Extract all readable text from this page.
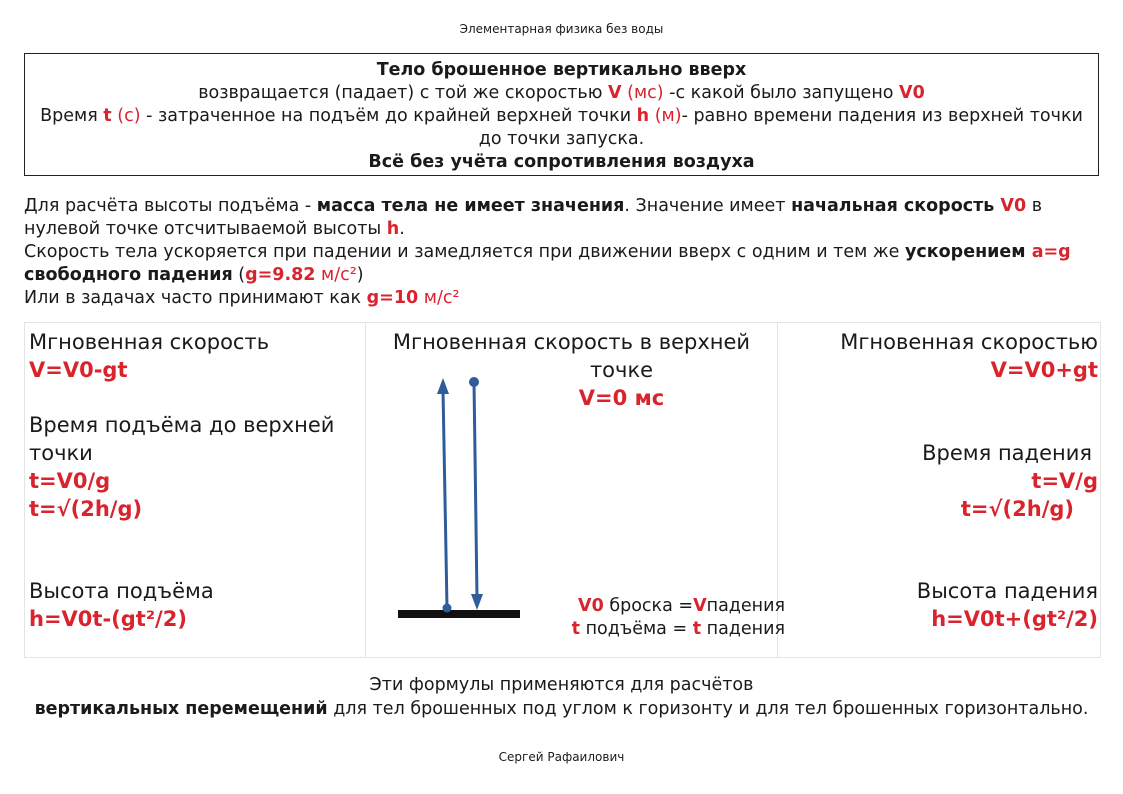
Элементарная физика без воды
Тело брошенное вертикально вверх
возвращается (падает) с той же скоростью V (мс) -с какой было запущено V0
Время t (с) - затраченное на подъём до крайней верхней точки h (м)- равно времени падения из верхней точки
до точки запуска.
Всё без учёта сопротивления воздуха
Для расчёта высоты подъёма - масса тела не имеет значения. Значение имеет начальная скорость V0 в
нулевой точке отсчитываемой высоты h.
Скорость тела ускоряется при падении и замедляется при движении вверх с одним и тем же ускорением a=g
свободного падения (g=9.82 м/с²)
Или в задачах часто принимают как g=10 м/с²
Мгновенная скорость
V=V0-gt
Время подъёма до верхней
точки
t=V0/g
t=√(2h/g)
Высота подъёма
h=V0t-(gt²/2)
Мгновенная скорость в верхней
точке
V=0 мс
V0 броска =Vпадения
t подъёма = t падения
Мгновенная скоростью
V=V0+gt
Время падения
t=V/g
t=√(2h/g)
Высота падения
h=V0t+(gt²/2)
Эти формулы применяются для расчётов
вертикальных перемещений для тел брошенных под углом к горизонту и для тел брошенных горизонтально.
Сергей Рафаилович
